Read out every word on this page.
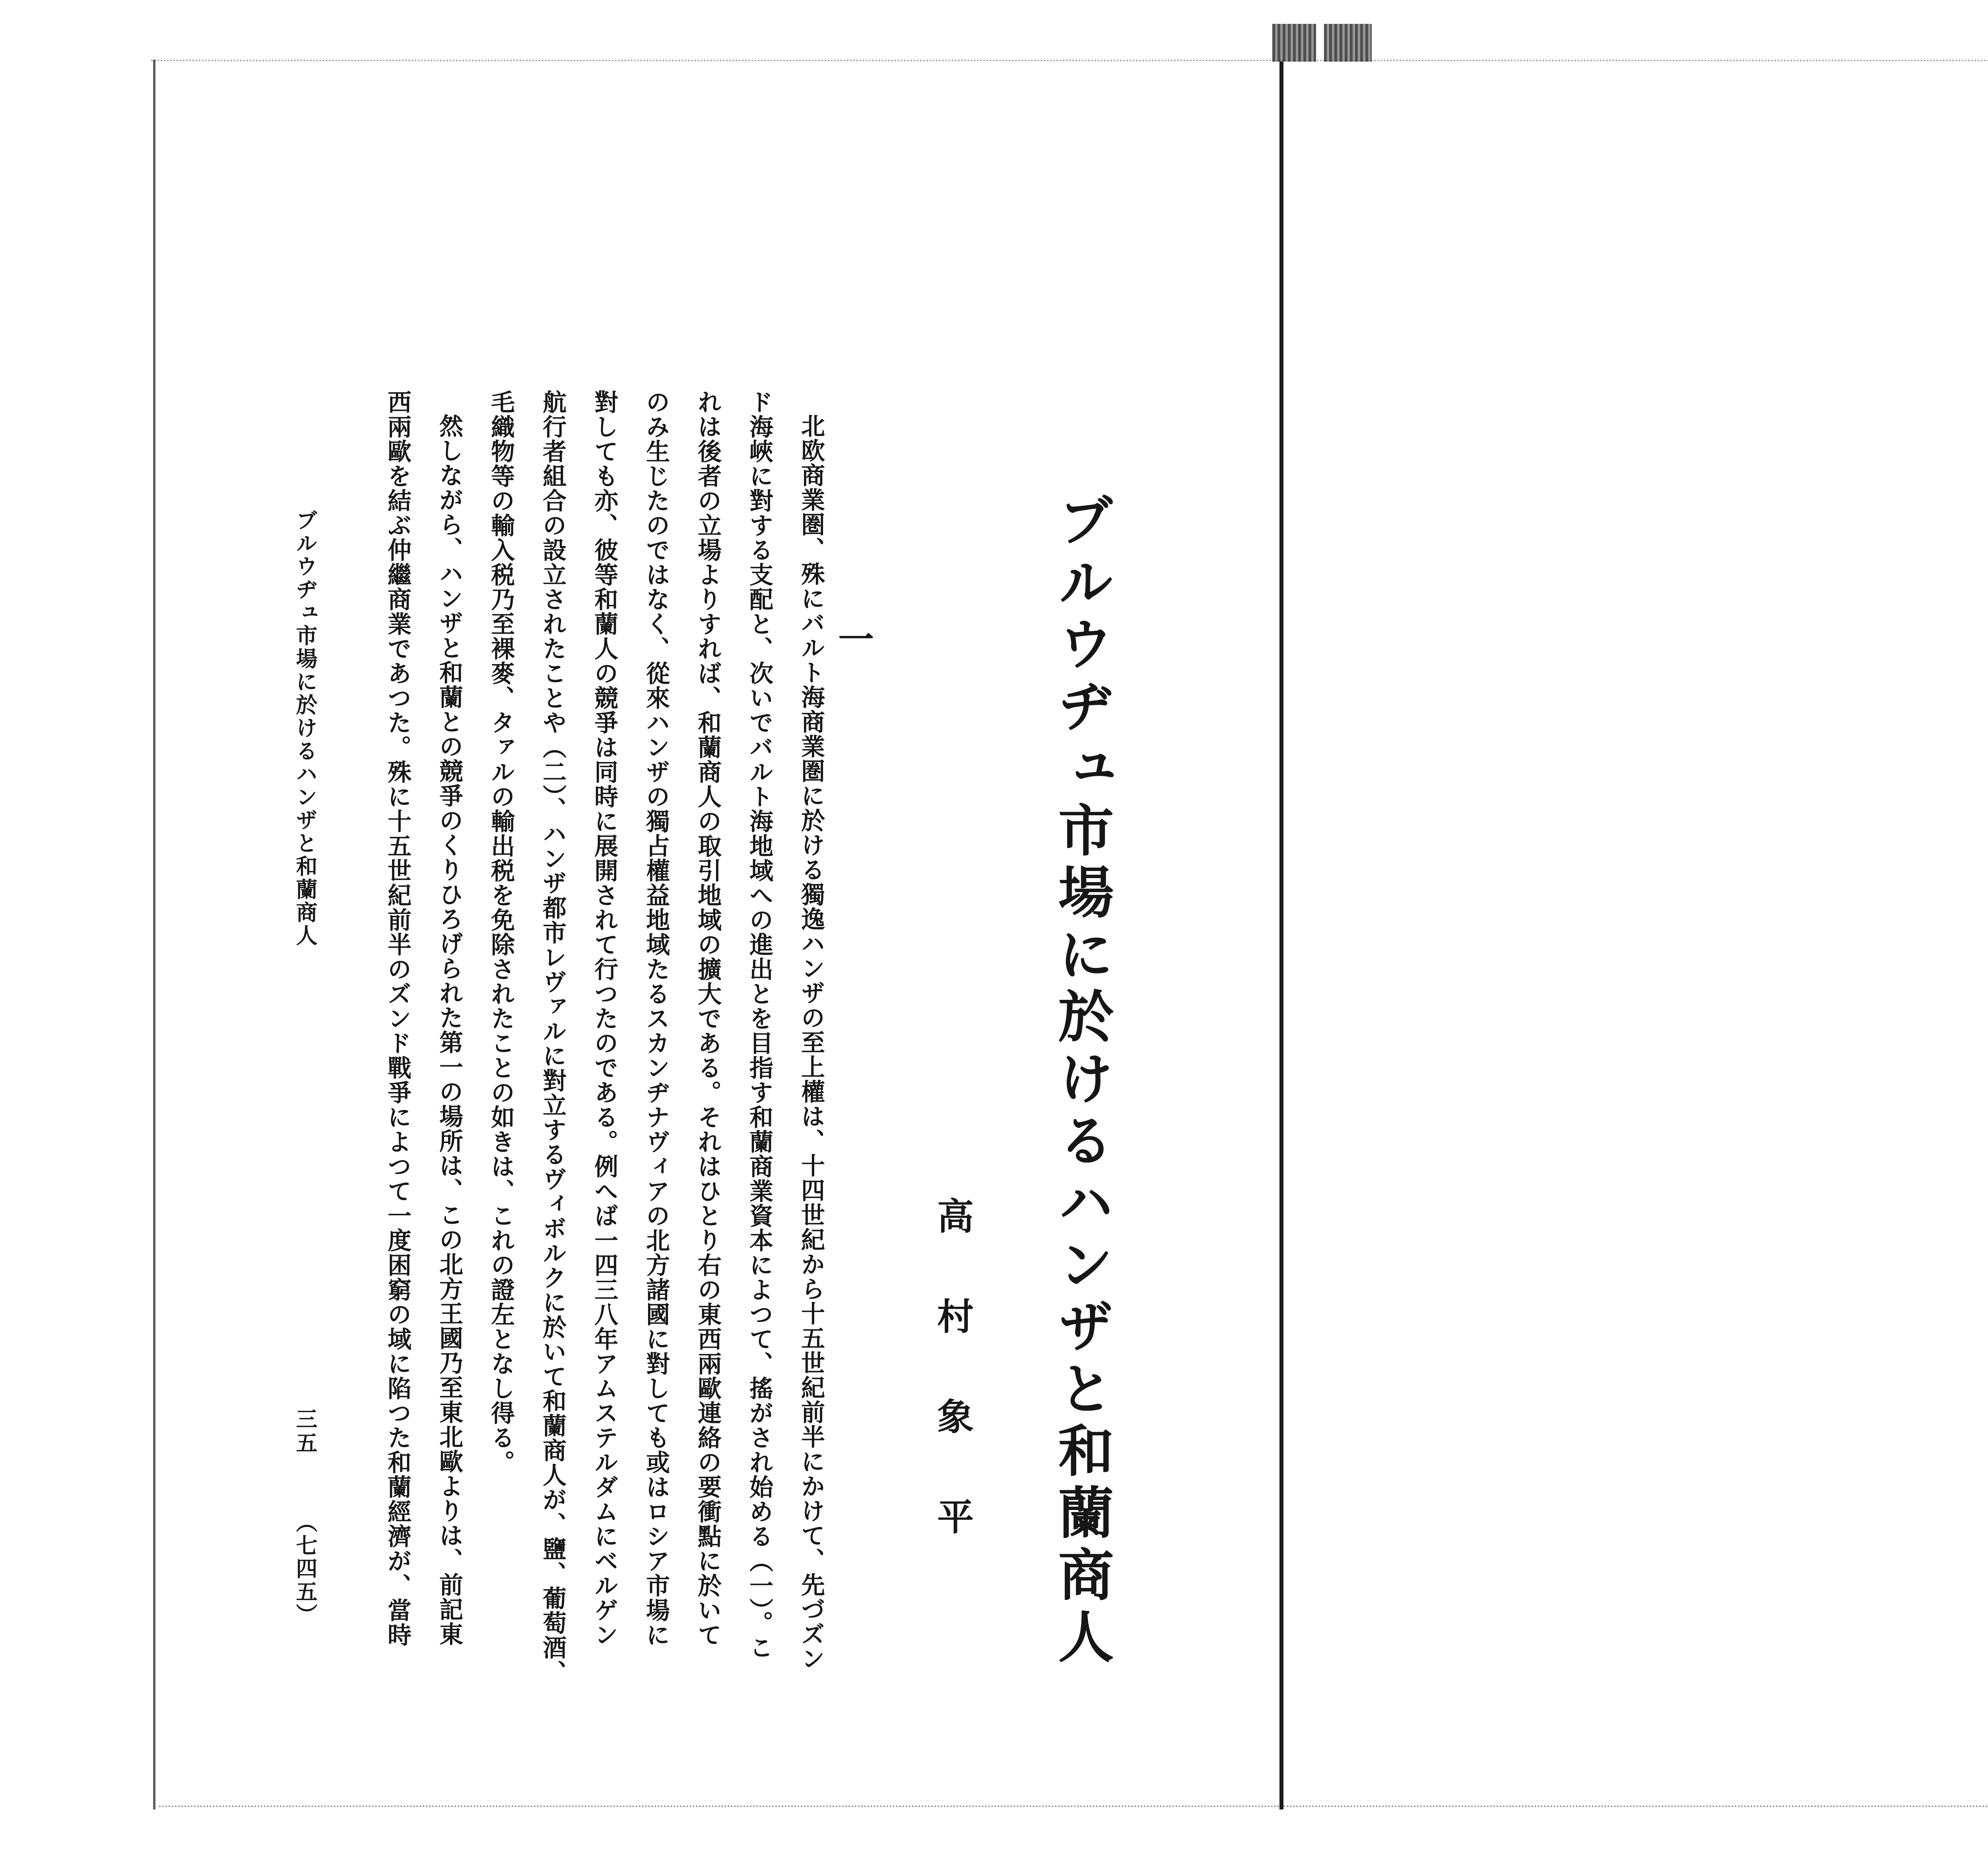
ブルウヂュ市場に於けるハンザと和蘭商人
高村象平
一
北欧商業圏、殊にバルト海商業圏に於ける獨逸ハンザの至上權は、十四世紀から十五世紀前半にかけて、先づズン
ド海峽に對する支配と、次いでバルト海地域への進出とを目指す和蘭商業資本によつて、搖がされ始める（一）。こ
れは後者の立場よりすれば、和蘭商人の取引地域の擴大である。それはひとり右の東西兩歐連絡の要衝點に於いて
のみ生じたのではなく、從來ハンザの獨占權益地域たるスカンヂナヴィアの北方諸國に對しても或はロシア市場に
對しても亦、彼等和蘭人の競爭は同時に展開されて行つたのである。例へば一四三八年アムステルダムにベルゲン
航行者組合の設立されたことや（二）、ハンザ都市レヴァルに對立するヴィボルクに於いて和蘭商人が、鹽、葡萄酒、
毛織物等の輸入税乃至裸麥、タァルの輸出税を免除されたことの如きは、これの證左となし得る。
然しながら、ハンザと和蘭との競爭のくりひろげられた第一の場所は、この北方王國乃至東北歐よりは、前記東
西兩歐を結ぶ仲繼商業であつた。殊に十五世紀前半のズンド戰爭によつて一度困窮の域に陷つた和蘭經濟が、當時
ブルウヂュ市場に於けるハンザと和蘭商人
三五
（七四五）
